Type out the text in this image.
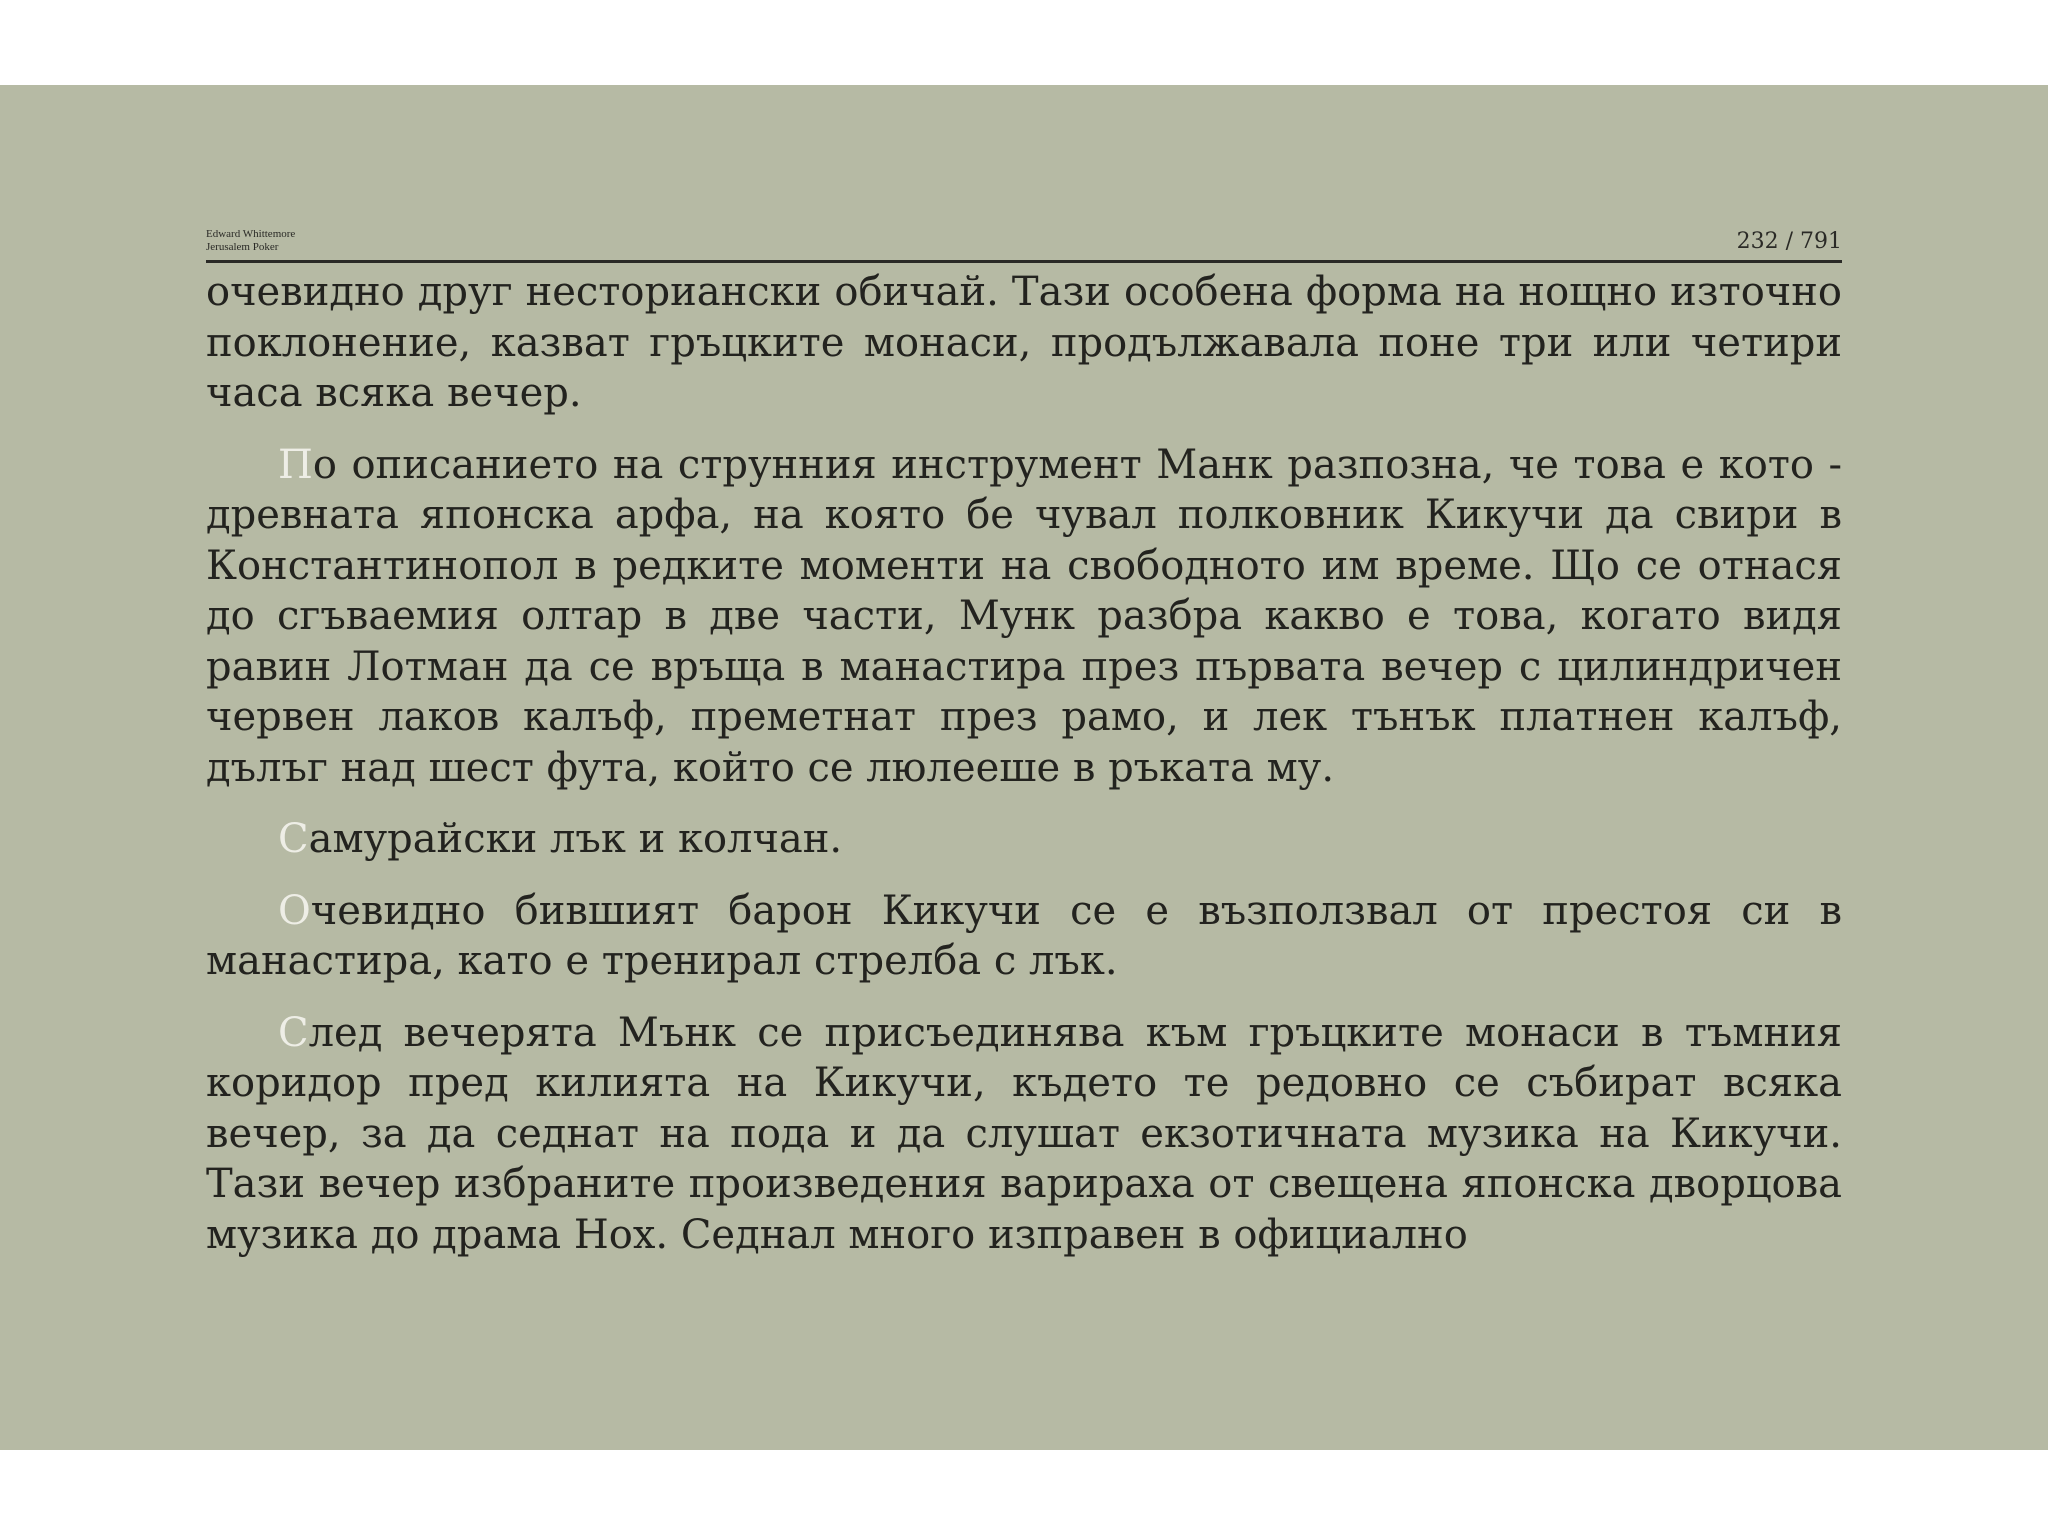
Edward Whittemore
Jerusalem Poker	232 / 791

очевидно друг несториански обичай. Тази особена форма на нощно източно поклонение, казват гръцките монаси, продължавала поне три или четири часа всяка вечер.

По описанието на струнния инструмент Манк разпозна, че това е кото - древната японска арфа, на която бе чувал полковник Кикучи да свири в Константинопол в редките моменти на свободното им време. Що се отнася до сгъваемия олтар в две части, Мунк разбра какво е това, когато видя равин Лотман да се връща в манастира през първата вечер с цилиндричен червен лаков калъф, преметнат през рамо, и лек тънък платнен калъф, дълъг над шест фута, който се люлееше в ръката му.

Самурайски лък и колчан.

Очевидно бившият барон Кикучи се е възползвал от престоя си в манастира, като е тренирал стрелба с лък.

След вечерята Мънк се присъединява към гръцките монаси в тъмния коридор пред килията на Кикучи, където те редовно се събират всяка вечер, за да седнат на пода и да слушат екзотичната музика на Кикучи. Тази вечер избраните произведения варираха от свещена японска дворцова музика до драма Нох. Седнал много изправен в официално
